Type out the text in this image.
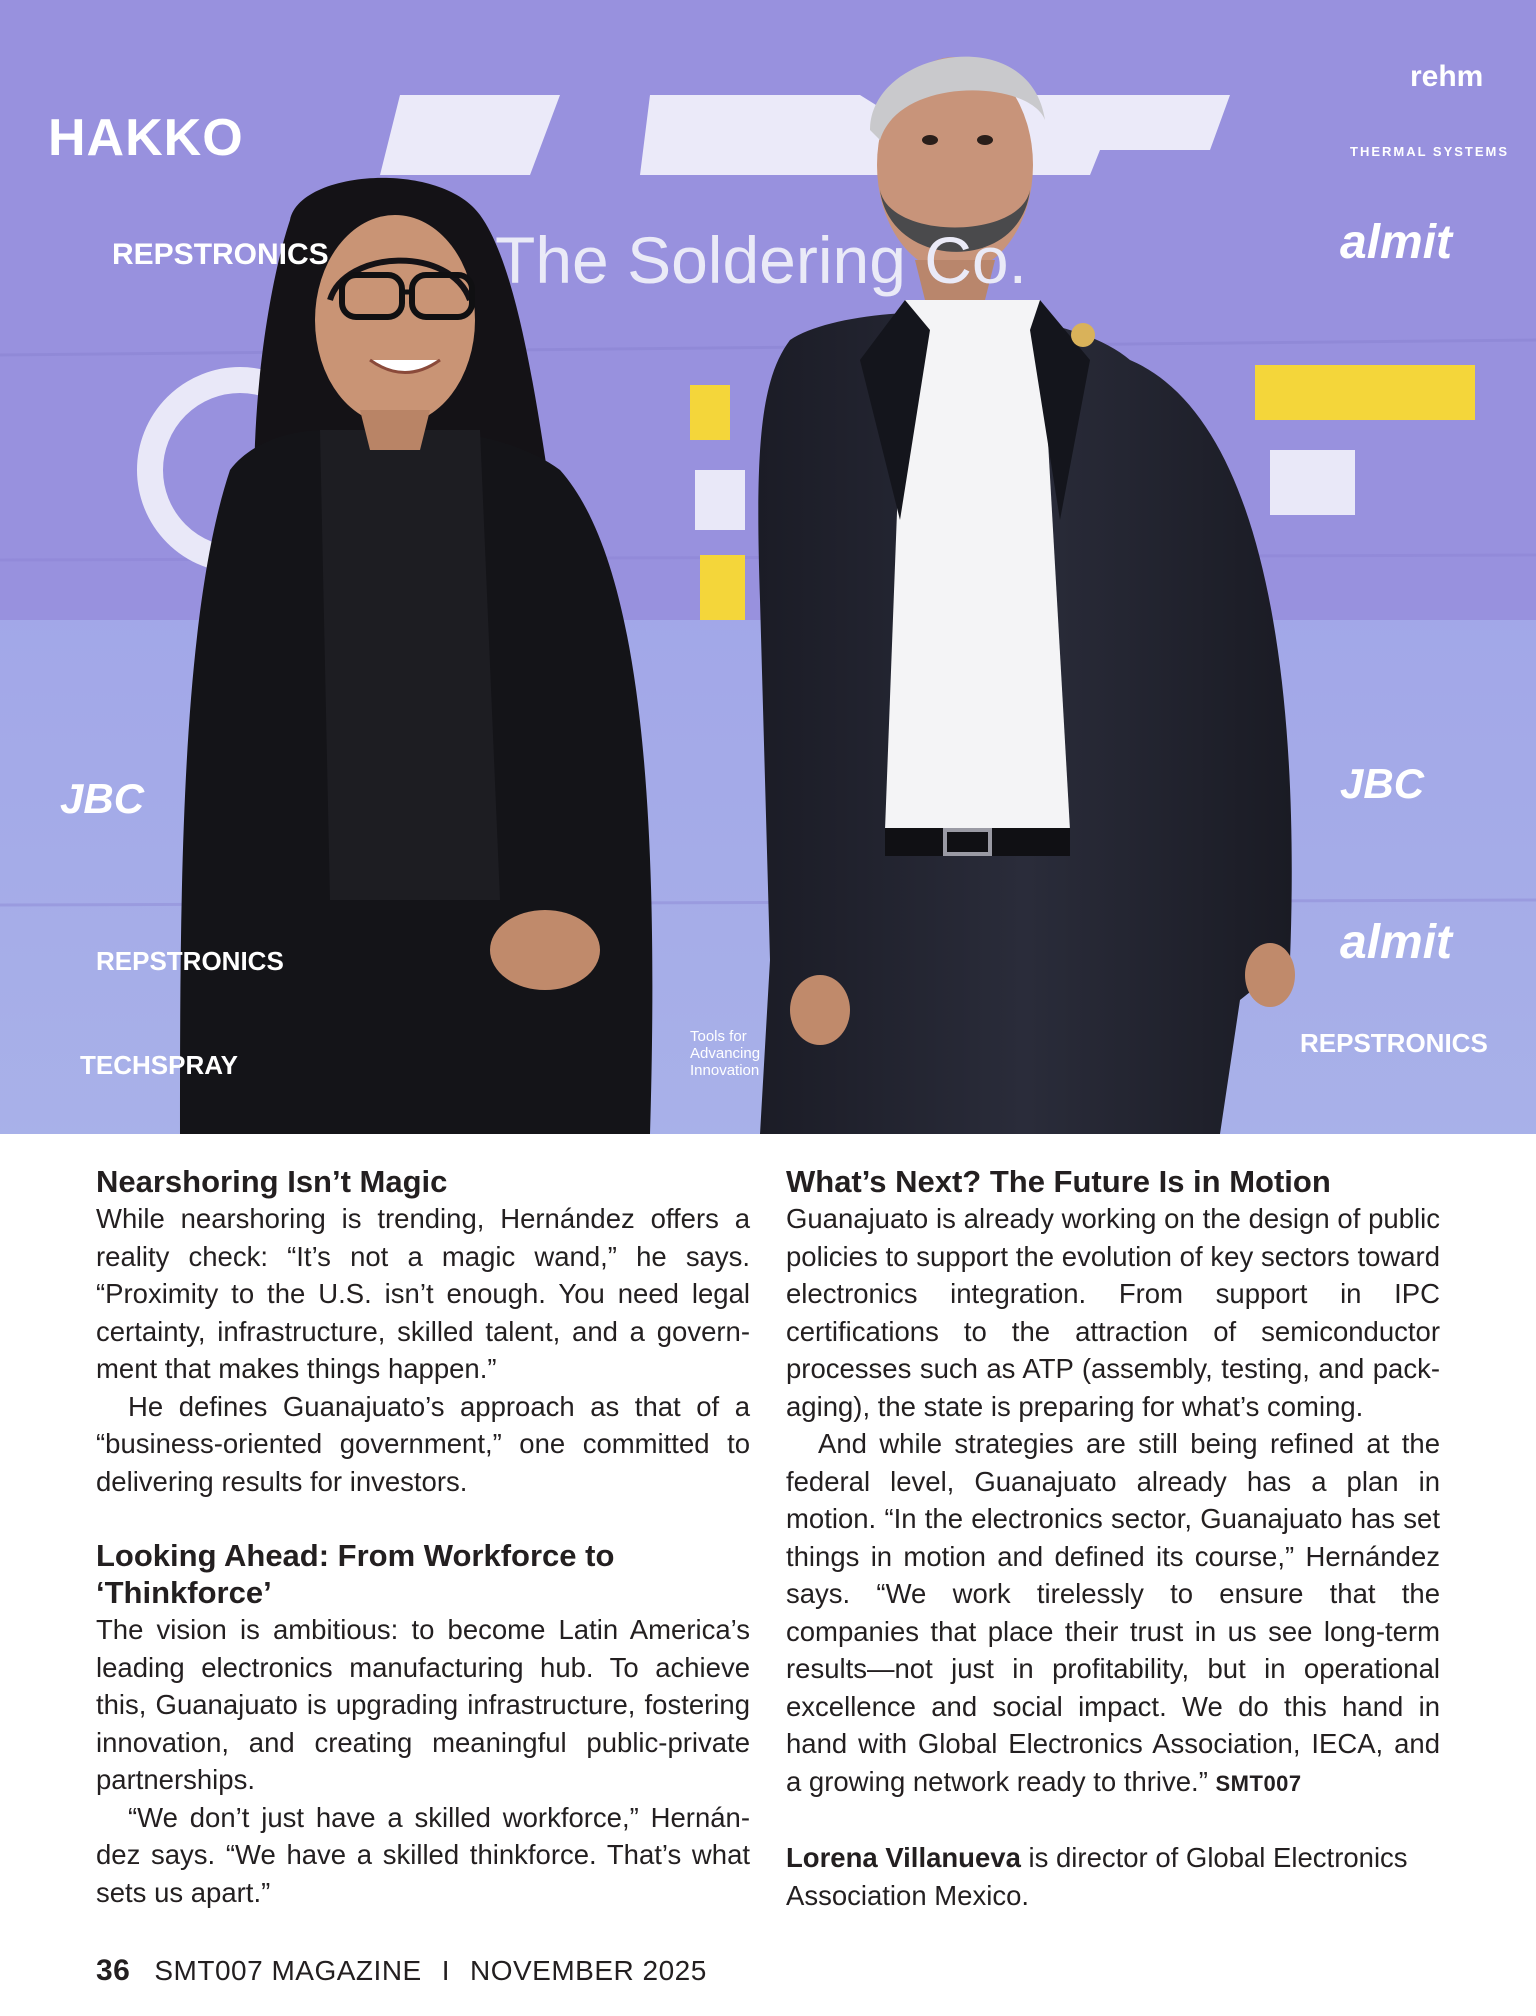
HAKKO
The Soldering Co.
REPSTRONICS
REPSTRONICS
TECHSPRAY
almit
almit
THERMAL SYSTEMS
rehm
REPSTRONICS
JBC
JBC
Tools for Advancing Innovation
Nearshoring Isn’t Magic

While nearshoring is trending, Hernández offers a reality check: “It’s not a magic wand,” he says. “Proximity to the U.S. isn’t enough. You need legal certainty, infrastructure, skilled talent, and a government that makes things happen.”

He defines Guanajuato’s approach as that of a “business-oriented government,” one committed to delivering results for investors.

Looking Ahead: From Workforce to ‘Thinkforce’

The vision is ambitious: to become Latin America’s leading electronics manufacturing hub. To achieve this, Guanajuato is upgrading infrastructure, fostering innovation, and creating meaningful public-private partnerships.

“We don’t just have a skilled workforce,” Hernández says. “We have a skilled thinkforce. That’s what sets us apart.”

What’s Next? The Future Is in Motion

Guanajuato is already working on the design of public policies to support the evolution of key sectors toward electronics integration. From support in IPC certifications to the attraction of semiconductor processes such as ATP (assembly, testing, and packaging), the state is preparing for what’s coming.

And while strategies are still being refined at the federal level, Guanajuato already has a plan in motion. “In the electronics sector, Guanajuato has set things in motion and defined its course,” Hernández says. “We work tirelessly to ensure that the companies that place their trust in us see long-term results—not just in profitability, but in operational excellence and social impact. We do this hand in hand with Global Electronics Association, IECA, and a growing network ready to thrive.” SMT007

Lorena Villanueva is director of Global Electronics Association Mexico.

36 SMT007 MAGAZINE I NOVEMBER 2025
